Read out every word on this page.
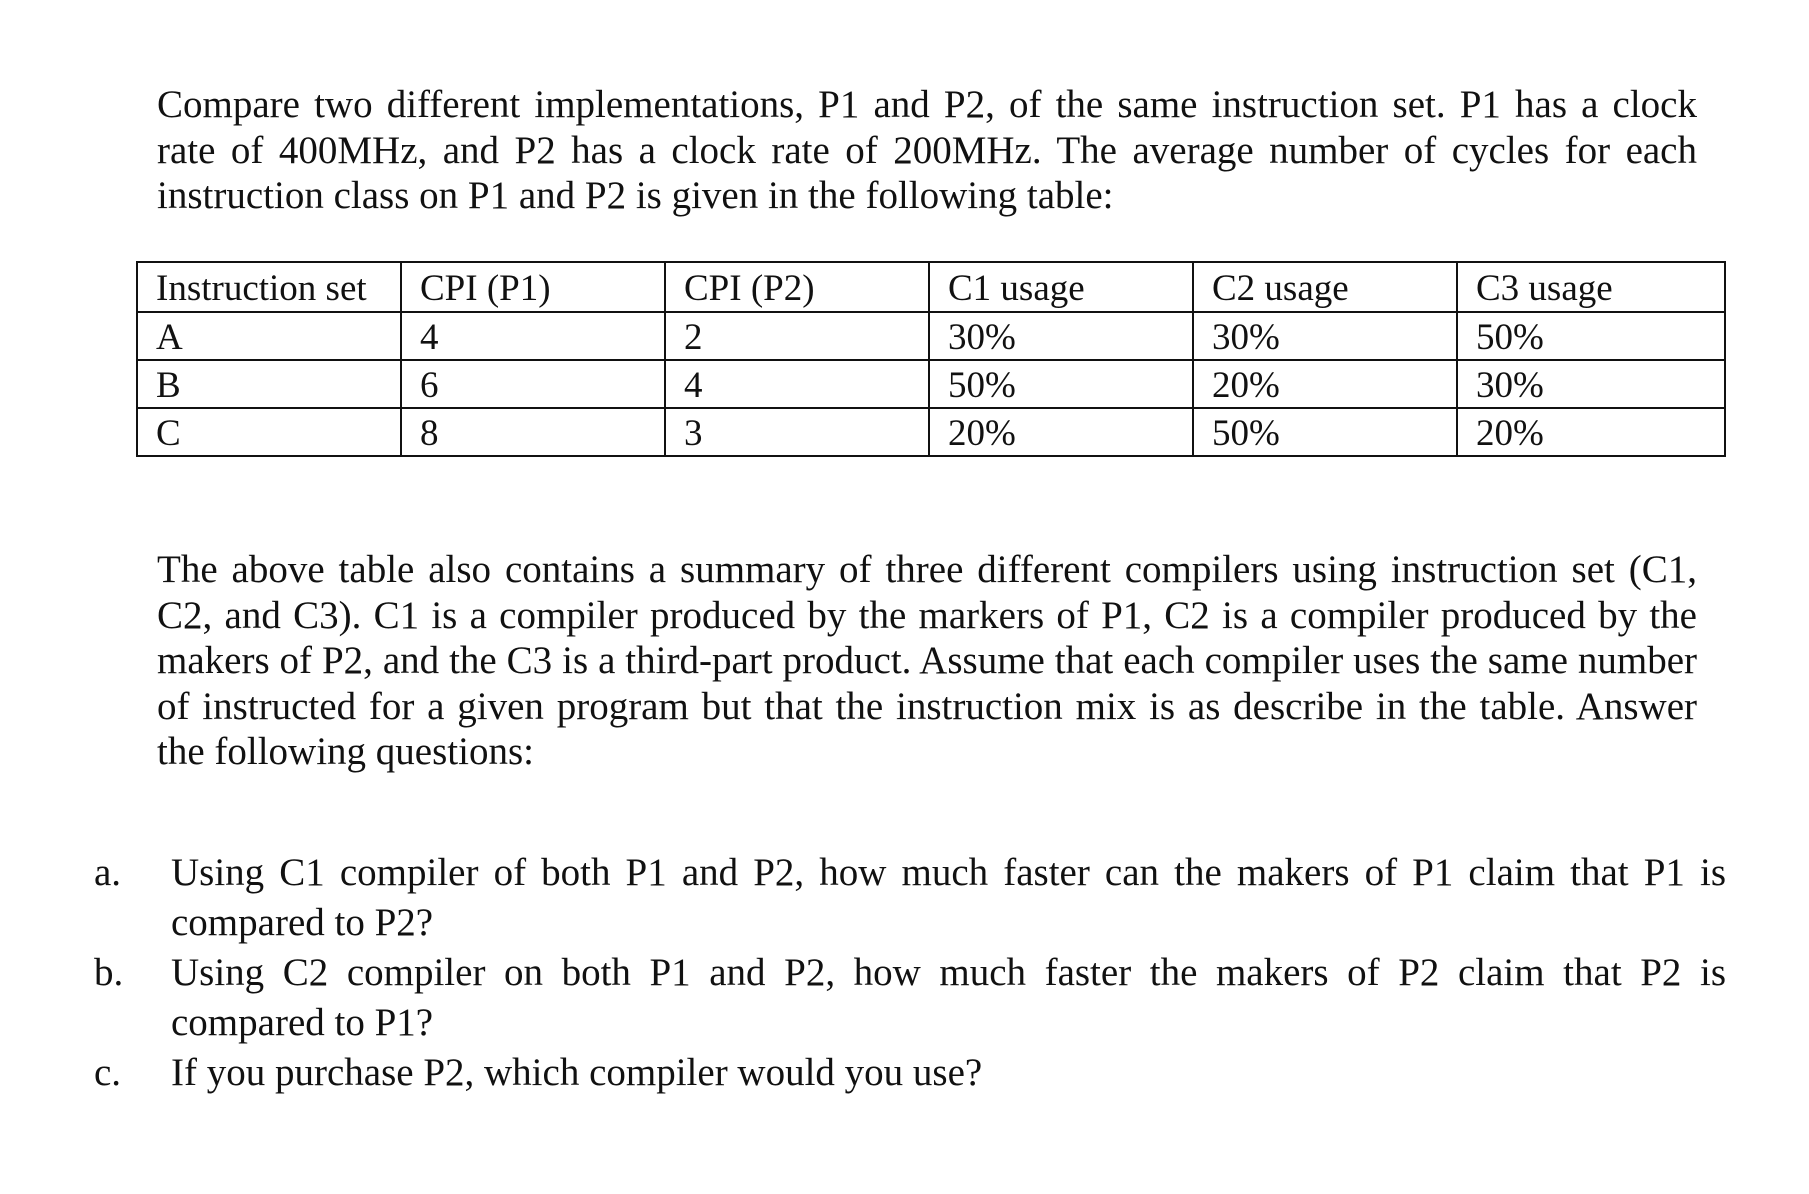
Compare two different implementations, P1 and P2, of the same instruction set. P1 has a clock rate of 400MHz, and P2 has a clock rate of 200MHz. The average number of cycles for each instruction class on P1 and P2 is given in the following table:

Instruction set	CPI (P1)	CPI (P2)	C1 usage	C2 usage	C3 usage
A	4	2	30%	30%	50%
B	6	4	50%	20%	30%
C	8	3	20%	50%	20%

The above table also contains a summary of three different compilers using instruction set (C1, C2, and C3). C1 is a compiler produced by the markers of P1, C2 is a compiler produced by the makers of P2, and the C3 is a third-part product. Assume that each compiler uses the same number of instructed for a given program but that the instruction mix is as describe in the table. Answer the following questions:

a.	Using C1 compiler of both P1 and P2, how much faster can the makers of P1 claim that P1 is compared to P2?
b.	Using C2 compiler on both P1 and P2, how much faster the makers of P2 claim that P2 is compared to P1?
c.	If you purchase P2, which compiler would you use?
